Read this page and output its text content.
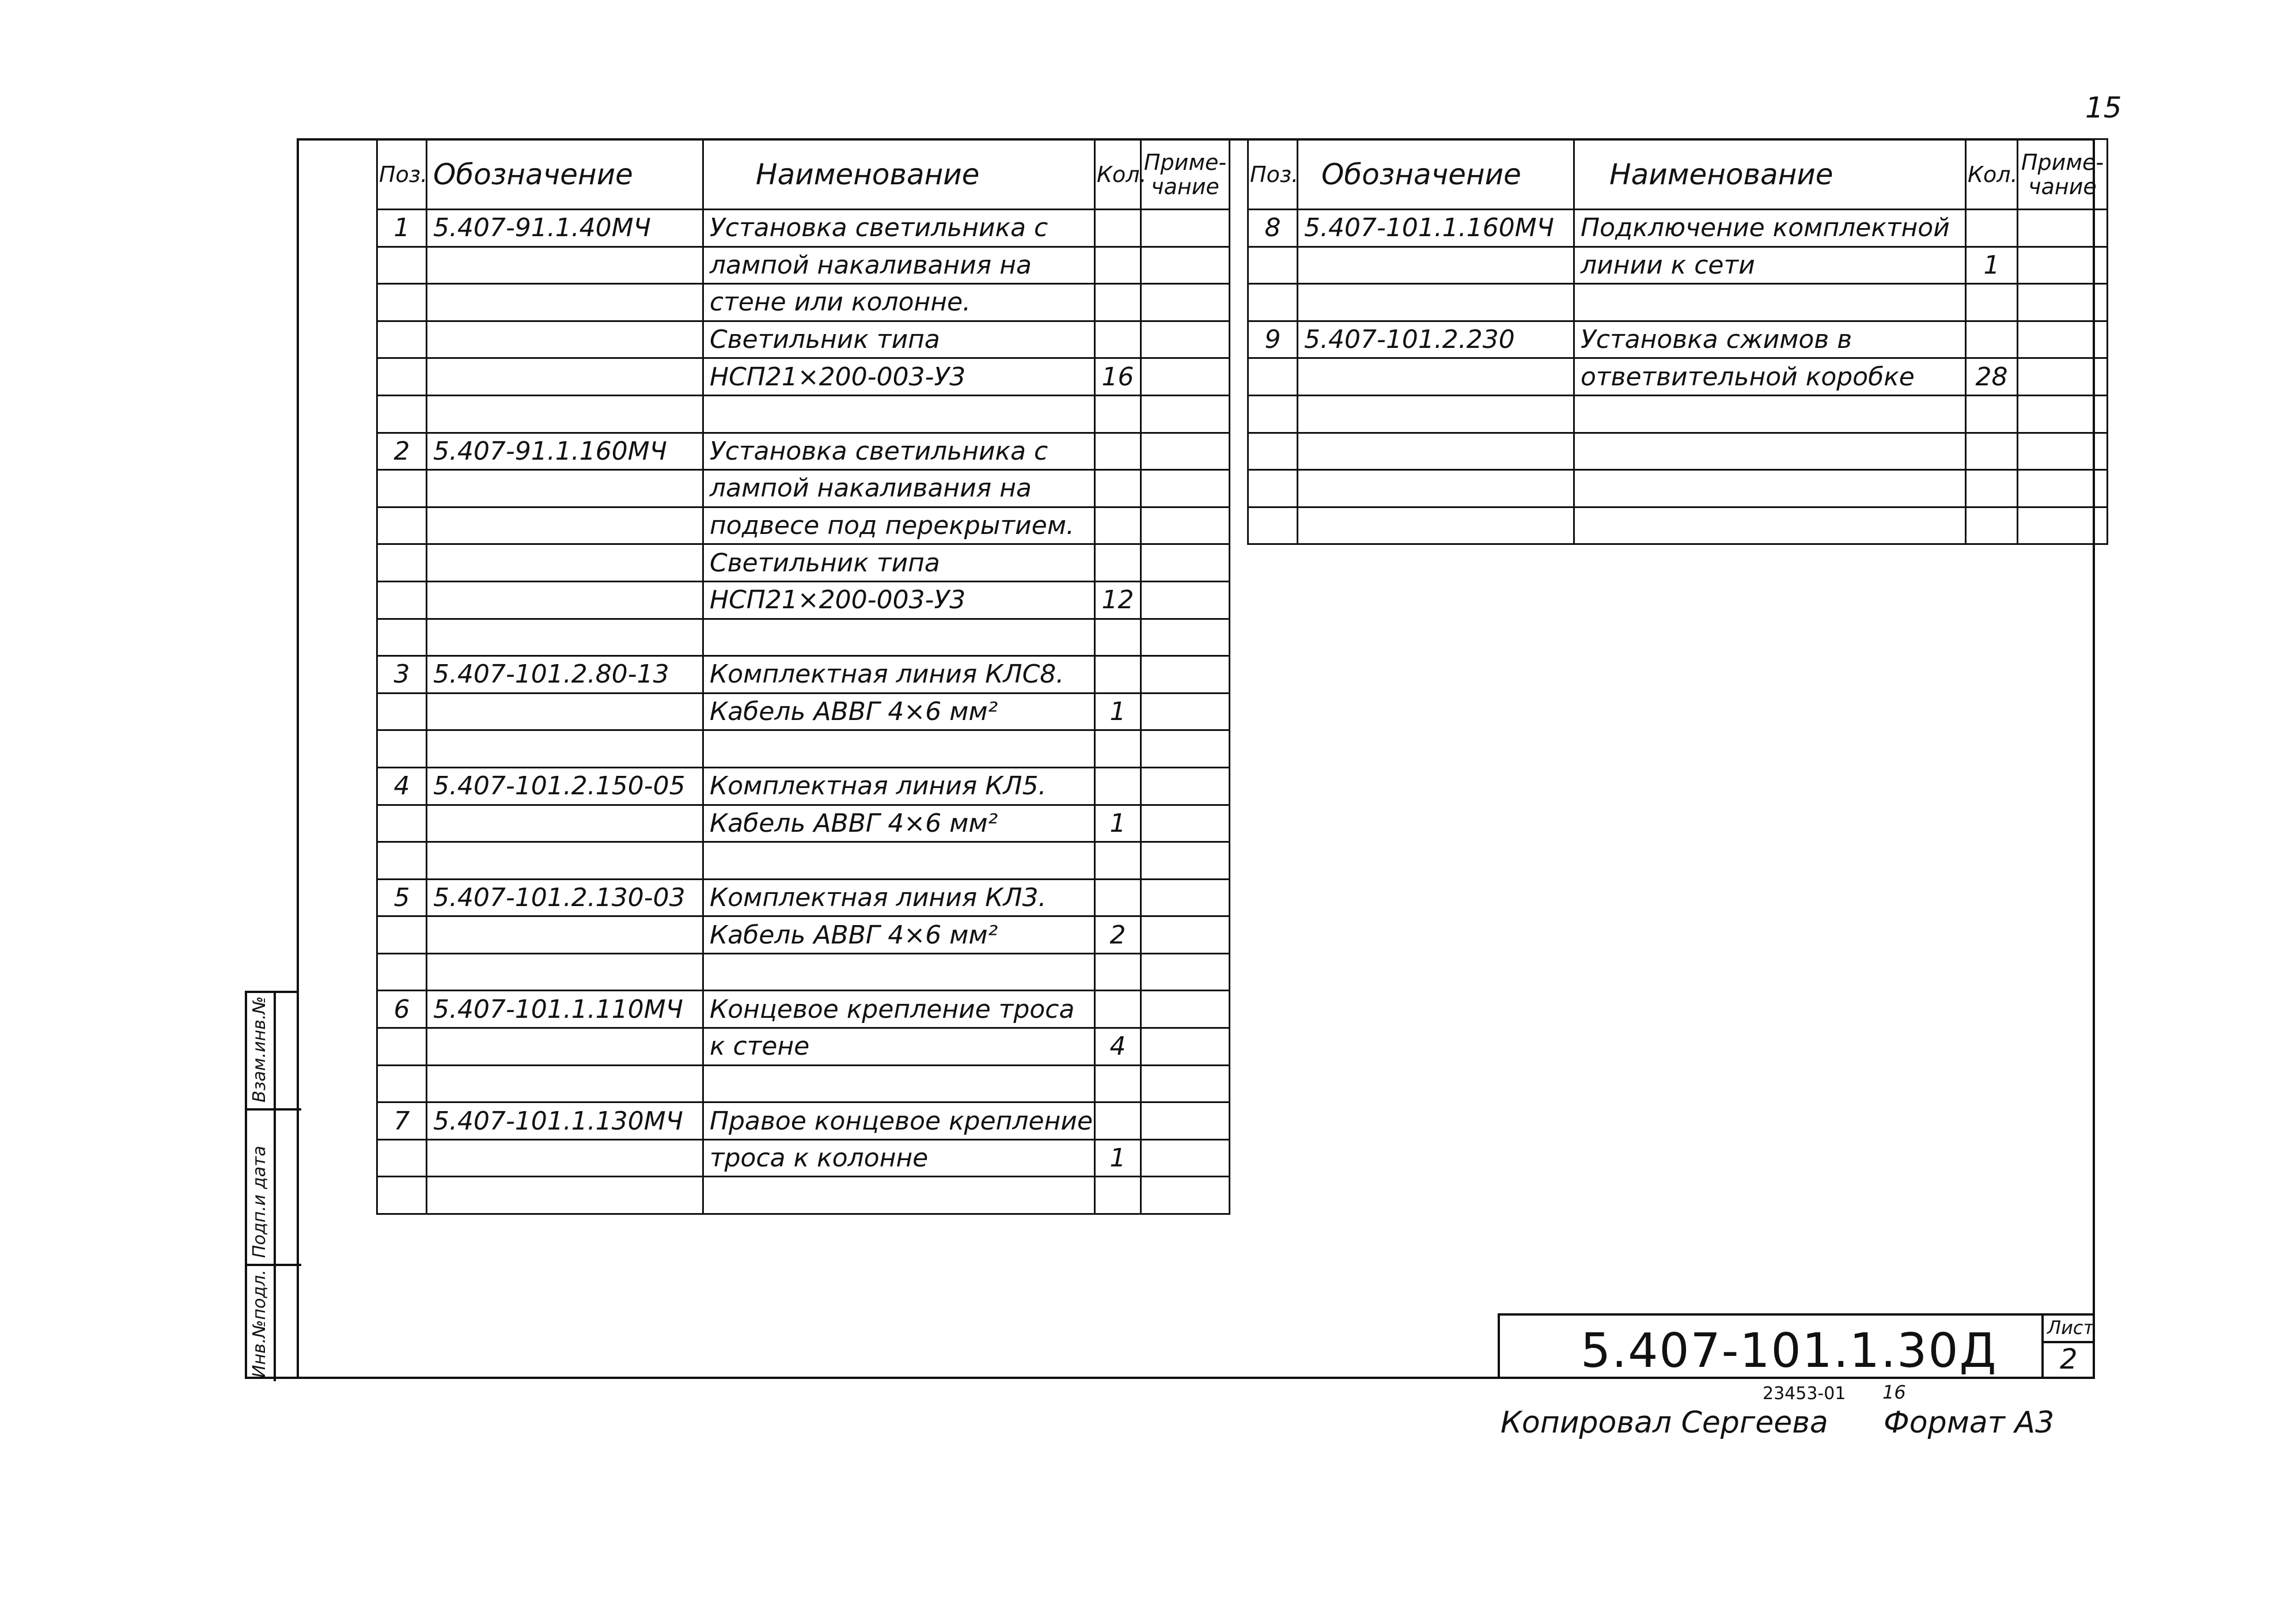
15
Взам.инв.№
Подп.и дата
Инв.№подл.
Поз.	Обозначение	Наименование	Кол.	Приме-
чание
1	5.407-91.1.40МЧ	Установка светильника с		
		лампой накаливания на		
		стене или колонне.		
		Светильник типа		
		НСП21×200-003-У3	16	

2	5.407-91.1.160МЧ	Установка светильника с		
		лампой накаливания на		
		подвесе под перекрытием.		
		Светильник типа		
		НСП21×200-003-У3	12	

3	5.407-101.2.80-13	Комплектная линия КЛС8.		
		Кабель АВВГ 4×6 мм²	1	

4	5.407-101.2.150-05	Комплектная линия КЛ5.		
		Кабель АВВГ 4×6 мм²	1	

5	5.407-101.2.130-03	Комплектная линия КЛ3.		
		Кабель АВВГ 4×6 мм²	2	

6	5.407-101.1.110МЧ	Концевое крепление троса		
		к стене	4	

7	5.407-101.1.130МЧ	Правое концевое крепление		
		троса к колонне	1	

Поз.	Обозначение	Наименование	Кол.	Приме-
чание
8	5.407-101.1.160МЧ	Подключение комплектной		
		линии к сети	1	

9	5.407-101.2.230	Установка сжимов в		
		ответвительной коробке	28	

5.407-101.1.30Д	Лист
2
23453-01 16
Копировал Сергеева Формат А3
